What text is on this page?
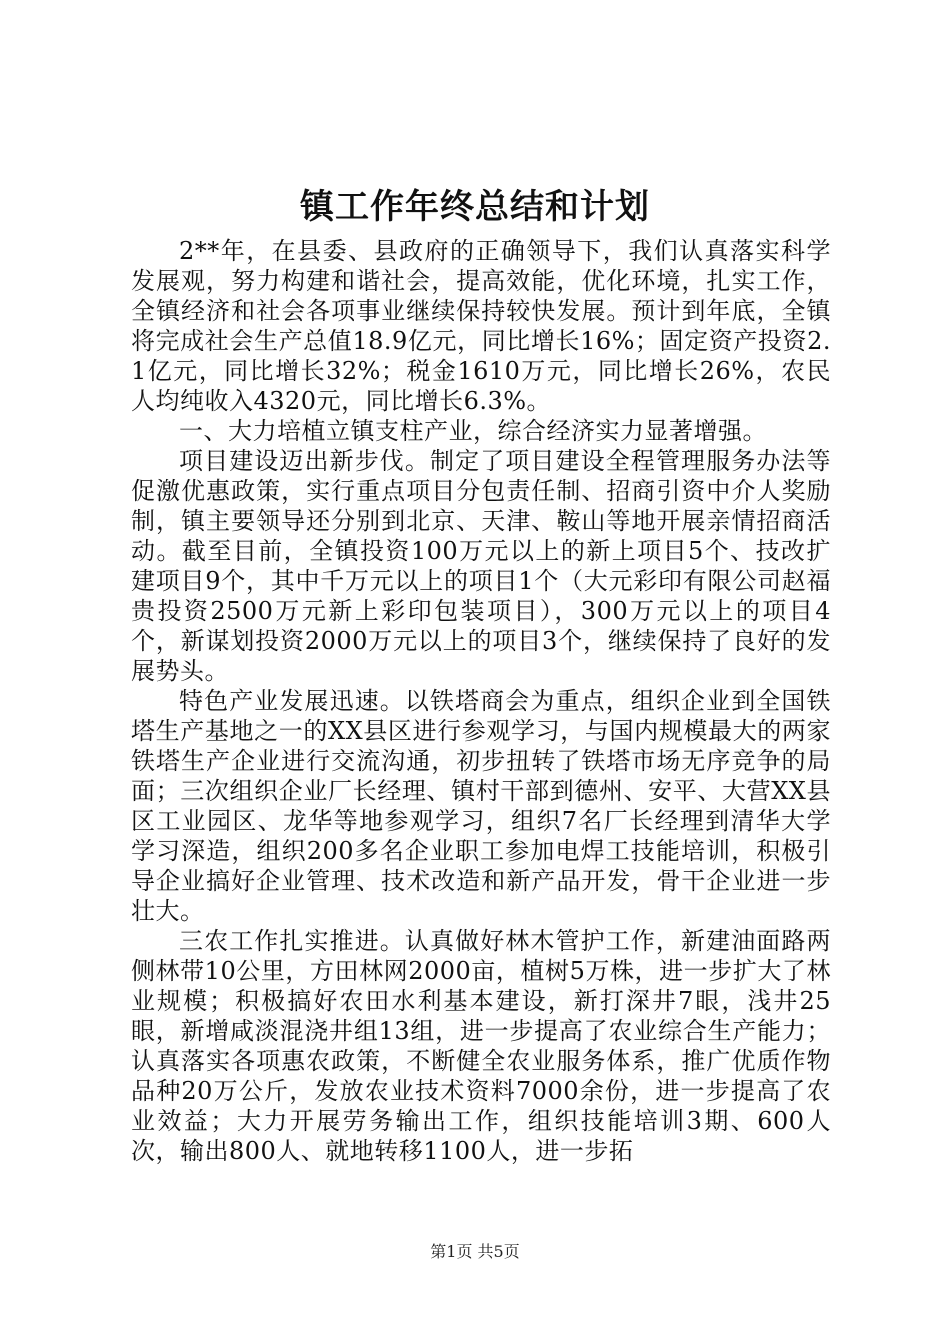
镇工作年终总结和计划

2**年，在县委、县政府的正确领导下，我们认真落实科学发展观，努力构建和谐社会，提高效能，优化环境，扎实工作，全镇经济和社会各项事业继续保持较快发展。预计到年底，全镇将完成社会生产总值18.9亿元，同比增长16%；固定资产投资2.1亿元，同比增长32%；税金1610万元，同比增长26%，农民人均纯收入4320元，同比增长6.3%。

一、大力培植立镇支柱产业，综合经济实力显著增强。

项目建设迈出新步伐。制定了项目建设全程管理服务办法等促激优惠政策，实行重点项目分包责任制、招商引资中介人奖励制，镇主要领导还分别到北京、天津、鞍山等地开展亲情招商活动。截至目前，全镇投资100万元以上的新上项目5个、技改扩建项目9个，其中千万元以上的项目1个（大元彩印有限公司赵福贵投资2500万元新上彩印包装项目），300万元以上的项目4个，新谋划投资2000万元以上的项目3个，继续保持了良好的发展势头。

特色产业发展迅速。以铁塔商会为重点，组织企业到全国铁塔生产基地之一的XX县区进行参观学习，与国内规模最大的两家铁塔生产企业进行交流沟通，初步扭转了铁塔市场无序竞争的局面；三次组织企业厂长经理、镇村干部到德州、安平、大营XX县区工业园区、龙华等地参观学习，组织7名厂长经理到清华大学学习深造，组织200多名企业职工参加电焊工技能培训，积极引导企业搞好企业管理、技术改造和新产品开发，骨干企业进一步壮大。

三农工作扎实推进。认真做好林木管护工作，新建油面路两侧林带10公里，方田林网2000亩，植树5万株，进一步扩大了林业规模；积极搞好农田水利基本建设，新打深井7眼，浅井25眼，新增咸淡混浇井组13组，进一步提高了农业综合生产能力；认真落实各项惠农政策，不断健全农业服务体系，推广优质作物品种20万公斤，发放农业技术资料7000余份，进一步提高了农业效益；大力开展劳务输出工作，组织技能培训3期、600人次，输出800人、就地转移1100人，进一步拓

第1页 共5页
